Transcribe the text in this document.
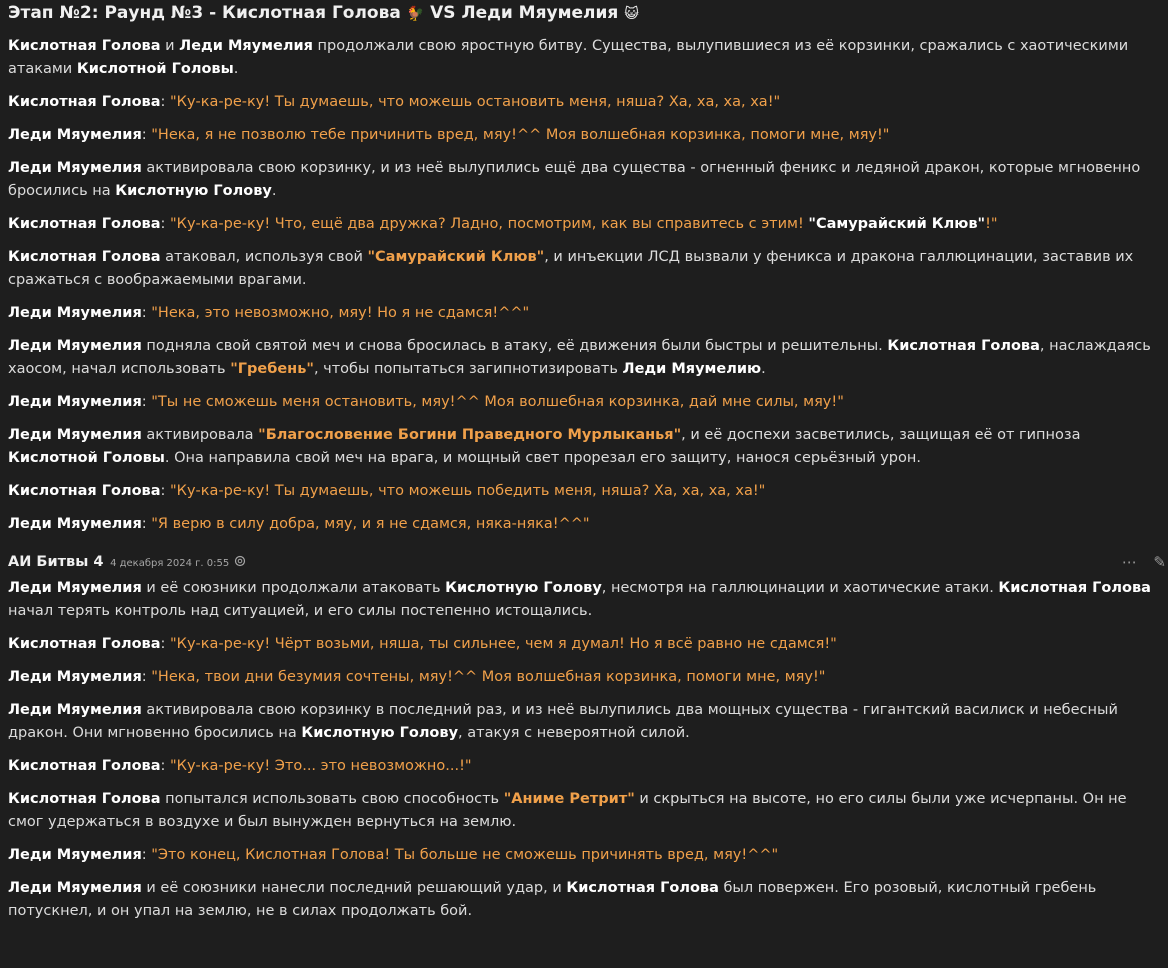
Этап №2: Раунд №3 - Кислотная Голова 🐓 VS Леди Мяумелия 😺

Кислотная Голова и Леди Мяумелия продолжали свою яростную битву. Существа, вылупившиеся из её корзинки, сражались с хаотическими атаками Кислотной Головы.

Кислотная Голова: "Ку-ка-ре-ку! Ты думаешь, что можешь остановить меня, няша? Ха, ха, ха, ха!"

Леди Мяумелия: "Нека, я не позволю тебе причинить вред, мяу!^^ Моя волшебная корзинка, помоги мне, мяу!"

Леди Мяумелия активировала свою корзинку, и из неё вылупились ещё два существа - огненный феникс и ледяной дракон, которые мгновенно бросились на Кислотную Голову.

Кислотная Голова: "Ку-ка-ре-ку! Что, ещё два дружка? Ладно, посмотрим, как вы справитесь с этим! "Самурайский Клюв"!"

Кислотная Голова атаковал, используя свой "Самурайский Клюв", и инъекции ЛСД вызвали у феникса и дракона галлюцинации, заставив их сражаться с воображаемыми врагами.

Леди Мяумелия: "Нека, это невозможно, мяу! Но я не сдамся!^^"

Леди Мяумелия подняла свой святой меч и снова бросилась в атаку, её движения были быстры и решительны. Кислотная Голова, наслаждаясь хаосом, начал использовать "Гребень", чтобы попытаться загипнотизировать Леди Мяумелию.

Леди Мяумелия: "Ты не сможешь меня остановить, мяу!^^ Моя волшебная корзинка, дай мне силы, мяу!"

Леди Мяумелия активировала "Благословение Богини Праведного Мурлыканья", и её доспехи засветились, защищая её от гипноза Кислотной Головы. Она направила свой меч на врага, и мощный свет прорезал его защиту, нанося серьёзный урон.

Кислотная Голова: "Ку-ка-ре-ку! Ты думаешь, что можешь победить меня, няша? Ха, ха, ха, ха!"

Леди Мяумелия: "Я верю в силу добра, мяу, и я не сдамся, няка-няка!^^"

АИ Битвы 4 4 декабря 2024 г. 0:55	⋯ ✎

Леди Мяумелия и её союзники продолжали атаковать Кислотную Голову, несмотря на галлюцинации и хаотические атаки. Кислотная Голова начал терять контроль над ситуацией, и его силы постепенно истощались.

Кислотная Голова: "Ку-ка-ре-ку! Чёрт возьми, няша, ты сильнее, чем я думал! Но я всё равно не сдамся!"

Леди Мяумелия: "Нека, твои дни безумия сочтены, мяу!^^ Моя волшебная корзинка, помоги мне, мяу!"

Леди Мяумелия активировала свою корзинку в последний раз, и из неё вылупились два мощных существа - гигантский василиск и небесный дракон. Они мгновенно бросились на Кислотную Голову, атакуя с невероятной силой.

Кислотная Голова: "Ку-ка-ре-ку! Это... это невозможно...!"

Кислотная Голова попытался использовать свою способность "Аниме Ретрит" и скрыться на высоте, но его силы были уже исчерпаны. Он не смог удержаться в воздухе и был вынужден вернуться на землю.

Леди Мяумелия: "Это конец, Кислотная Голова! Ты больше не сможешь причинять вред, мяу!^^"

Леди Мяумелия и её союзники нанесли последний решающий удар, и Кислотная Голова был повержен. Его розовый, кислотный гребень потускнел, и он упал на землю, не в силах продолжать бой.
